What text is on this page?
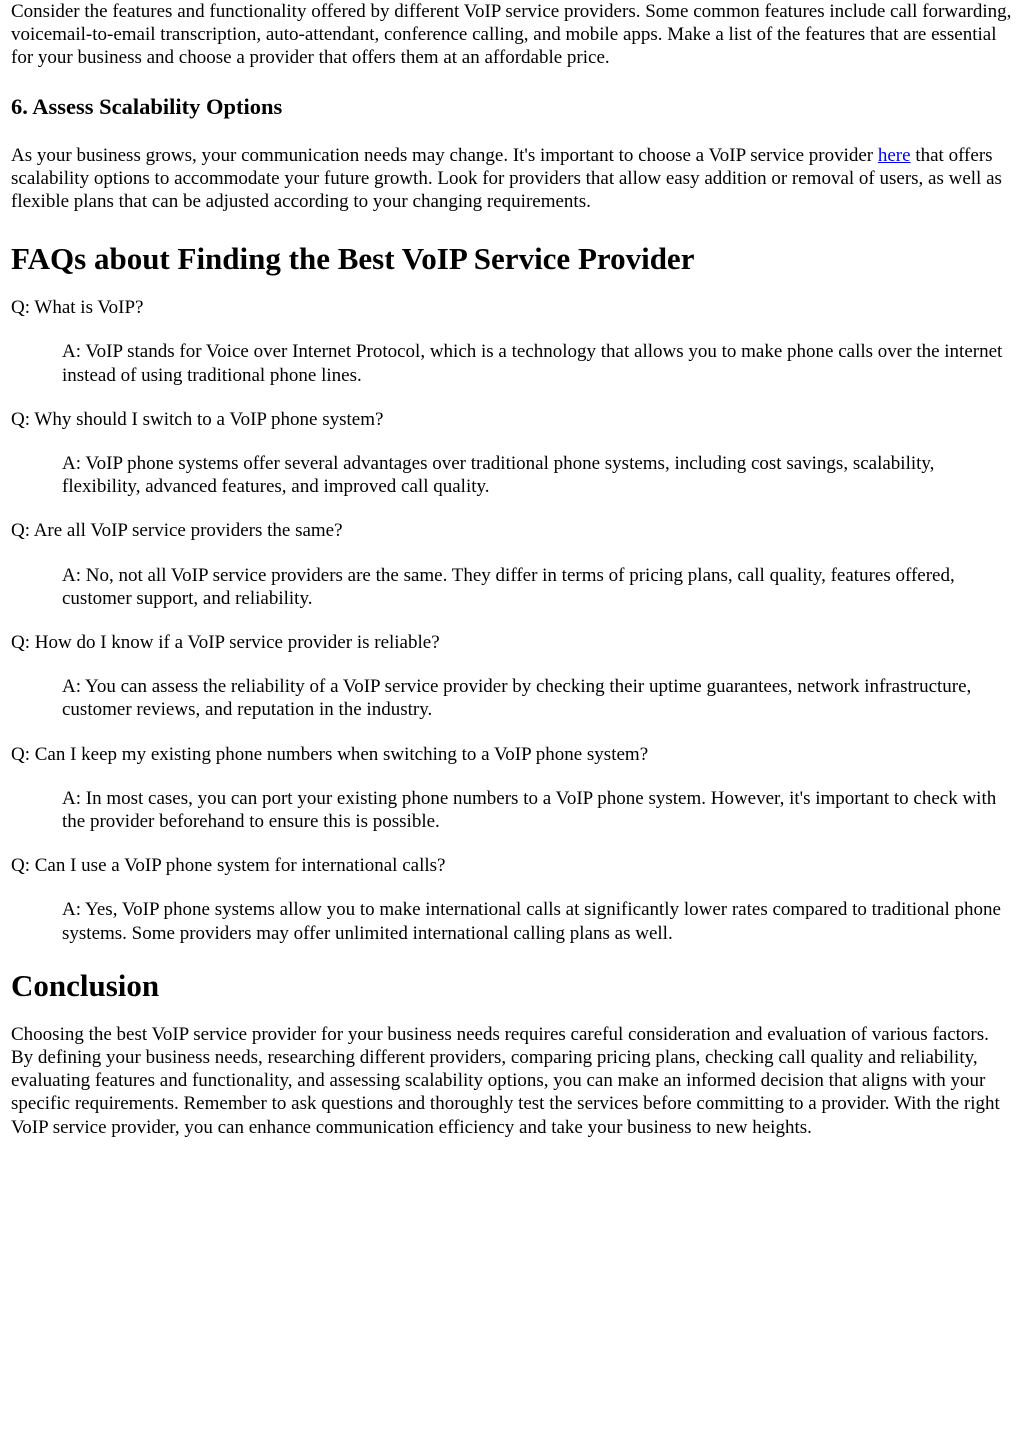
Consider the features and functionality offered by different VoIP service providers. Some common features include call forwarding, voicemail-to-email transcription, auto-attendant, conference calling, and mobile apps. Make a list of the features that are essential for your business and choose a provider that offers them at an affordable price.

6. Assess Scalability Options

As your business grows, your communication needs may change. It's important to choose a VoIP service provider here that offers scalability options to accommodate your future growth. Look for providers that allow easy addition or removal of users, as well as flexible plans that can be adjusted according to your changing requirements.

FAQs about Finding the Best VoIP Service Provider

Q: What is VoIP?

A: VoIP stands for Voice over Internet Protocol, which is a technology that allows you to make phone calls over the internet instead of using traditional phone lines.

Q: Why should I switch to a VoIP phone system?

A: VoIP phone systems offer several advantages over traditional phone systems, including cost savings, scalability, flexibility, advanced features, and improved call quality.

Q: Are all VoIP service providers the same?

A: No, not all VoIP service providers are the same. They differ in terms of pricing plans, call quality, features offered, customer support, and reliability.

Q: How do I know if a VoIP service provider is reliable?

A: You can assess the reliability of a VoIP service provider by checking their uptime guarantees, network infrastructure, customer reviews, and reputation in the industry.

Q: Can I keep my existing phone numbers when switching to a VoIP phone system?

A: In most cases, you can port your existing phone numbers to a VoIP phone system. However, it's important to check with the provider beforehand to ensure this is possible.

Q: Can I use a VoIP phone system for international calls?

A: Yes, VoIP phone systems allow you to make international calls at significantly lower rates compared to traditional phone systems. Some providers may offer unlimited international calling plans as well.

Conclusion

Choosing the best VoIP service provider for your business needs requires careful consideration and evaluation of various factors. By defining your business needs, researching different providers, comparing pricing plans, checking call quality and reliability, evaluating features and functionality, and assessing scalability options, you can make an informed decision that aligns with your specific requirements. Remember to ask questions and thoroughly test the services before committing to a provider. With the right VoIP service provider, you can enhance communication efficiency and take your business to new heights.
